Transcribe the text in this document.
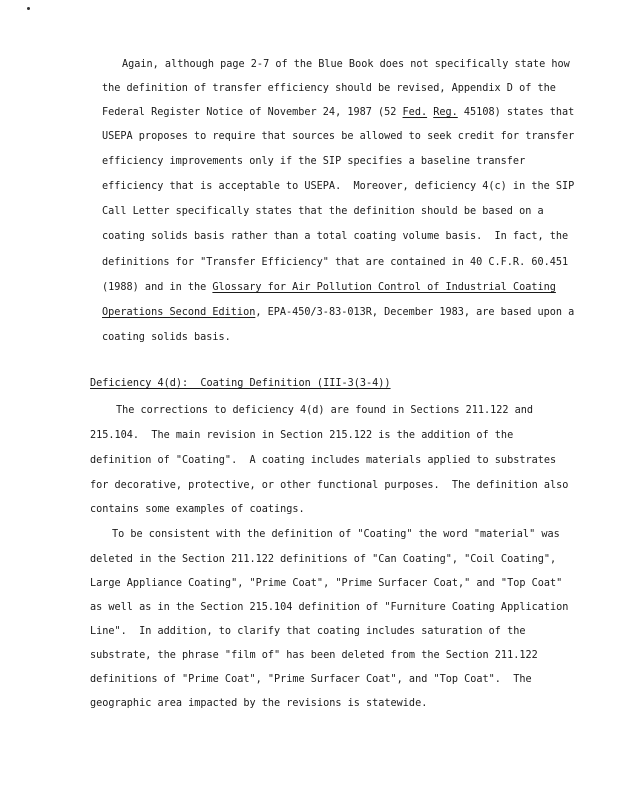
Again, although page 2-7 of the Blue Book does not specifically state how
the definition of transfer efficiency should be revised, Appendix D of the
Federal Register Notice of November 24, 1987 (52 Fed. Reg. 45108) states that
USEPA proposes to require that sources be allowed to seek credit for transfer
efficiency improvements only if the SIP specifies a baseline transfer
efficiency that is acceptable to USEPA.  Moreover, deficiency 4(c) in the SIP
Call Letter specifically states that the definition should be based on a
coating solids basis rather than a total coating volume basis.  In fact, the
definitions for "Transfer Efficiency" that are contained in 40 C.F.R. 60.451
(1988) and in the Glossary for Air Pollution Control of Industrial Coating
Operations Second Edition, EPA-450/3-83-013R, December 1983, are based upon a
coating solids basis.
Deficiency 4(d):  Coating Definition (III-3(3-4))
The corrections to deficiency 4(d) are found in Sections 211.122 and
215.104.  The main revision in Section 215.122 is the addition of the
definition of "Coating".  A coating includes materials applied to substrates
for decorative, protective, or other functional purposes.  The definition also
contains some examples of coatings.
To be consistent with the definition of "Coating" the word "material" was
deleted in the Section 211.122 definitions of "Can Coating", "Coil Coating",
Large Appliance Coating", "Prime Coat", "Prime Surfacer Coat," and "Top Coat"
as well as in the Section 215.104 definition of "Furniture Coating Application
Line".  In addition, to clarify that coating includes saturation of the
substrate, the phrase "film of" has been deleted from the Section 211.122
definitions of "Prime Coat", "Prime Surfacer Coat", and "Top Coat".  The
geographic area impacted by the revisions is statewide.
